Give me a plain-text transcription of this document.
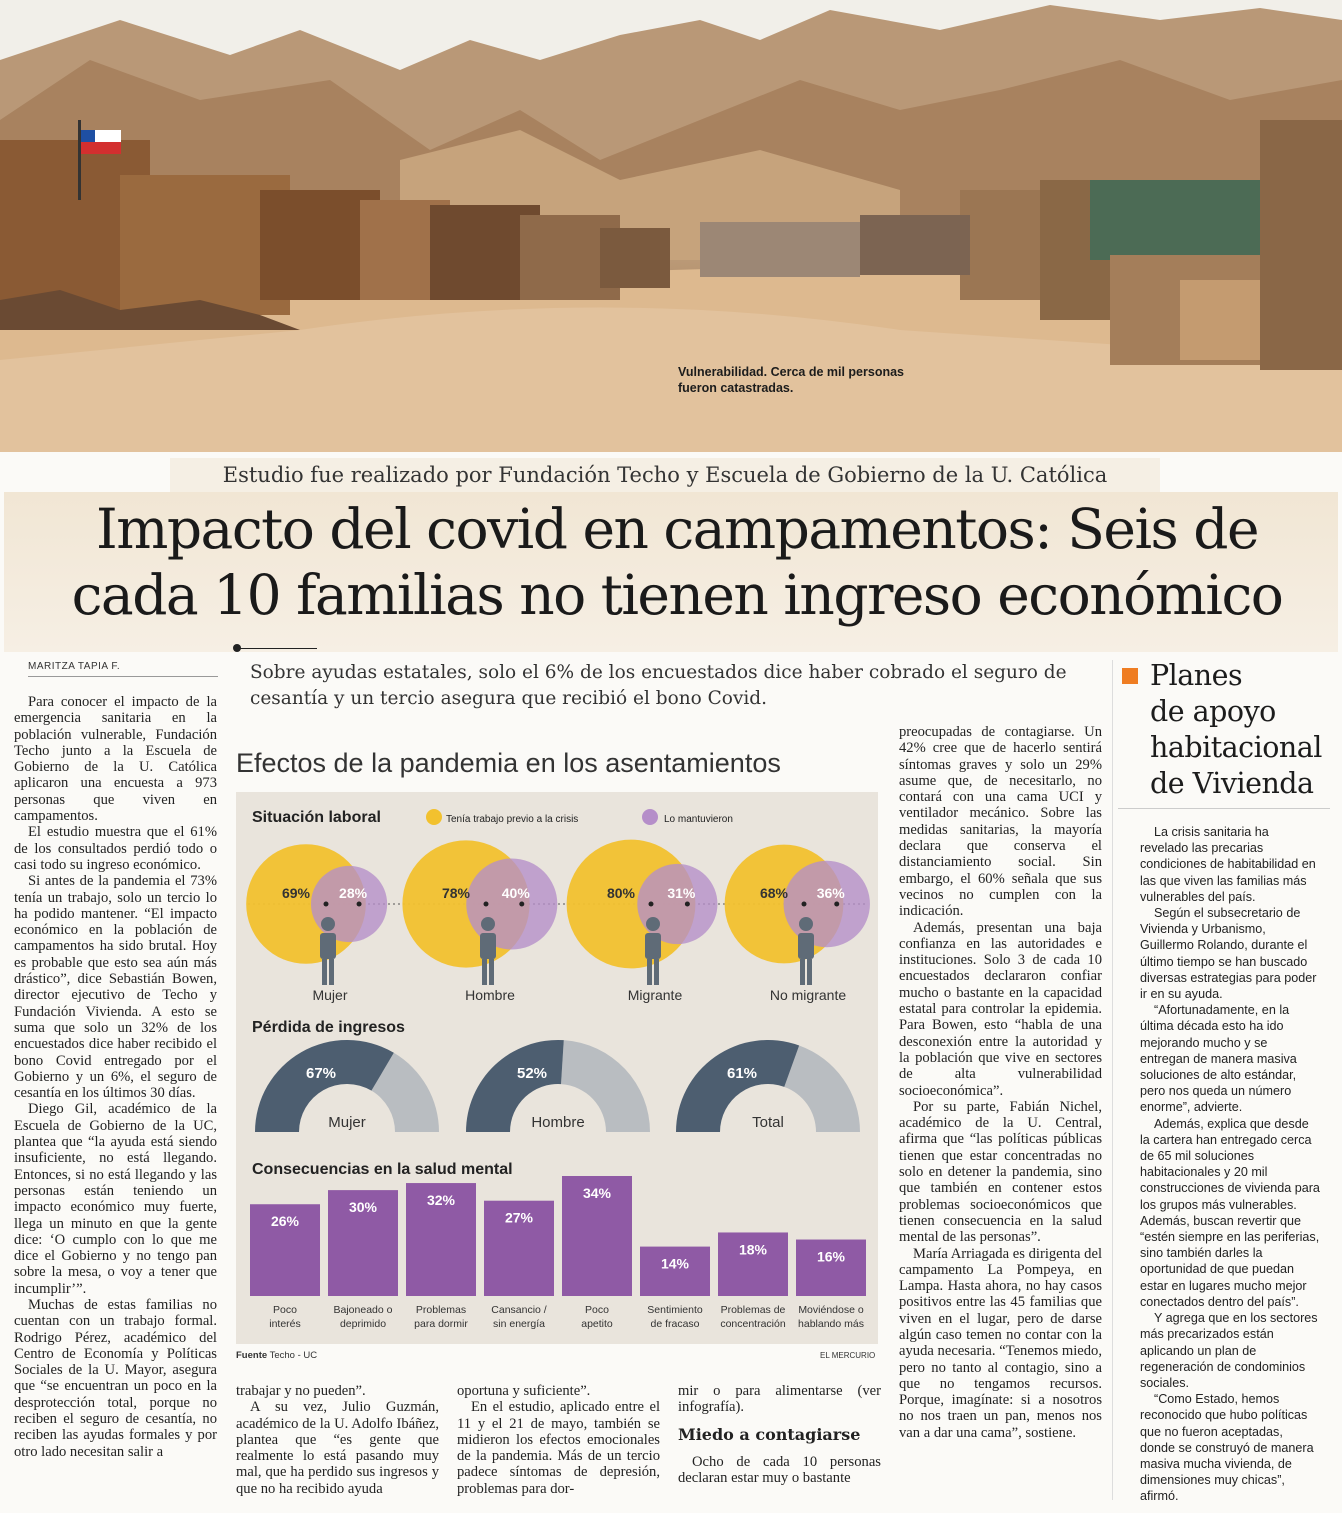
Vulnerabilidad. Cerca de mil personas
fueron catastradas.
Estudio fue realizado por Fundación Techo y Escuela de Gobierno de la U. Católica
Impacto del covid en campamentos: Seis de
cada 10 familias no tienen ingreso económico
MARITZA TAPIA F.	Sobre ayudas estatales, solo el 6% de los encuestados dice haber cobrado el seguro de cesantía y un tercio asegura que recibió el bono Covid.

Para conocer el impacto de la emergencia sanitaria en la población vulnerable, Fundación Techo junto a la Escuela de Gobierno de la U. Católica aplicaron una encuesta a 973 personas que viven en campamentos.

El estudio muestra que el 61% de los consultados perdió todo o casi todo su ingreso económico.

Si antes de la pandemia el 73% tenía un trabajo, solo un tercio lo ha podido mantener. “El impacto económico en la población de campamentos ha sido brutal. Hoy es probable que esto sea aún más drástico”, dice Sebastián Bowen, director ejecutivo de Techo y Fundación Vivienda. A esto se suma que solo un 32% de los encuestados dice haber recibido el bono Covid entregado por el Gobierno y un 6%, el seguro de cesantía en los últimos 30 días.

Diego Gil, académico de la Escuela de Gobierno de la UC, plantea que “la ayuda está siendo insuficiente, no está llegando. Entonces, si no está llegando y las personas están teniendo un impacto económico muy fuerte, llega un minuto en que la gente dice: ‘O cumplo con lo que me dice el Gobierno y no tengo pan sobre la mesa, o voy a tener que incumplir’”.

Muchas de estas familias no cuentan con un trabajo formal. Rodrigo Pérez, académico del Centro de Economía y Políticas Sociales de la U. Mayor, asegura que “se encuentran un poco en la desprotección total, porque no reciben el seguro de cesantía, no reciben las ayudas formales y por otro lado necesitan salir a

trabajar y no pueden”.

A su vez, Julio Guzmán, académico de la U. Adolfo Ibáñez, plantea que “es gente que realmente lo está pasando muy mal, que ha perdido sus ingresos y que no ha recibido ayuda

oportuna y suficiente”.

En el estudio, aplicado entre el 11 y el 21 de mayo, también se midieron los efectos emocionales de la pandemia. Más de un tercio padece síntomas de depresión, problemas para dor-

mir o para alimentarse (ver infografía).

Miedo a contagiarse

Ocho de cada 10 personas declaran estar muy o bastante

preocupadas de contagiarse. Un 42% cree que de hacerlo sentirá síntomas graves y solo un 29% asume que, de necesitarlo, no contará con una cama UCI y ventilador mecánico. Sobre las medidas sanitarias, la mayoría declara que conserva el distanciamiento social. Sin embargo, el 60% señala que sus vecinos no cumplen con la indicación.

Además, presentan una baja confianza en las autoridades e instituciones. Solo 3 de cada 10 encuestados declararon confiar mucho o bastante en la capacidad estatal para controlar la epidemia. Para Bowen, esto “habla de una desconexión entre la autoridad y la población que vive en sectores de alta vulnerabilidad socioeconómica”.

Por su parte, Fabián Nichel, académico de la U. Central, afirma que “las políticas públicas tienen que estar concentradas no solo en detener la pandemia, sino que también en contener estos problemas socioeconómicos que tienen consecuencia en la salud mental de las personas”.

María Arriagada es dirigenta del campamento La Pompeya, en Lampa. Hasta ahora, no hay casos positivos entre las 45 familias que viven en el lugar, pero de darse algún caso temen no contar con la ayuda necesaria. “Tenemos miedo, pero no tanto al contagio, sino a que no tengamos recursos. Porque, imagínate: si a nosotros no nos traen un pan, menos nos van a dar una cama”, sostiene.

Planes
de apoyo
habitacional
de Vivienda

La crisis sanitaria ha revelado las precarias condiciones de habitabilidad en las que viven las familias más vulnerables del país.

Según el subsecretario de Vivienda y Urbanismo, Guillermo Rolando, durante el último tiempo se han buscado diversas estrategias para poder ir en su ayuda.

“Afortunadamente, en la última década esto ha ido mejorando mucho y se entregan de manera masiva soluciones de alto estándar, pero nos queda un número enorme”, advierte.

Además, explica que desde la cartera han entregado cerca de 65 mil soluciones habitacionales y 20 mil construcciones de vivienda para los grupos más vulnerables. Además, buscan revertir que “estén siempre en las periferias, sino también darles la oportunidad de que puedan estar en lugares mucho mejor conectados dentro del país”.

Y agrega que en los sectores más precarizados están aplicando un plan de regeneración de condominios sociales.

“Como Estado, hemos reconocido que hubo políticas que no fueron aceptadas, donde se construyó de manera masiva mucha vivienda, de dimensiones muy chicas”, afirmó.

Efectos de la pandemia en los asentamientos
Situación laboral	Tenía trabajo previo a la crisis	Lo mantuvieron
69% 28%
Mujer
78% 40%
Hombre
80% 31%
Migrante
68% 36%
No migrante
Pérdida de ingresos
67%
Mujer
52%
Hombre
61%
Total
Consecuencias en la salud mental
26%
Poco
interés
30%
Bajoneado o
deprimido
32%
Problemas
para dormir
27%
Cansancio /
sin energía
34%
Poco
apetito
14%
Sentimiento
de fracaso
18%
Problemas de
concentración
16%
Moviéndose o
hablando más
Fuente Techo - UC	EL MERCURIO
